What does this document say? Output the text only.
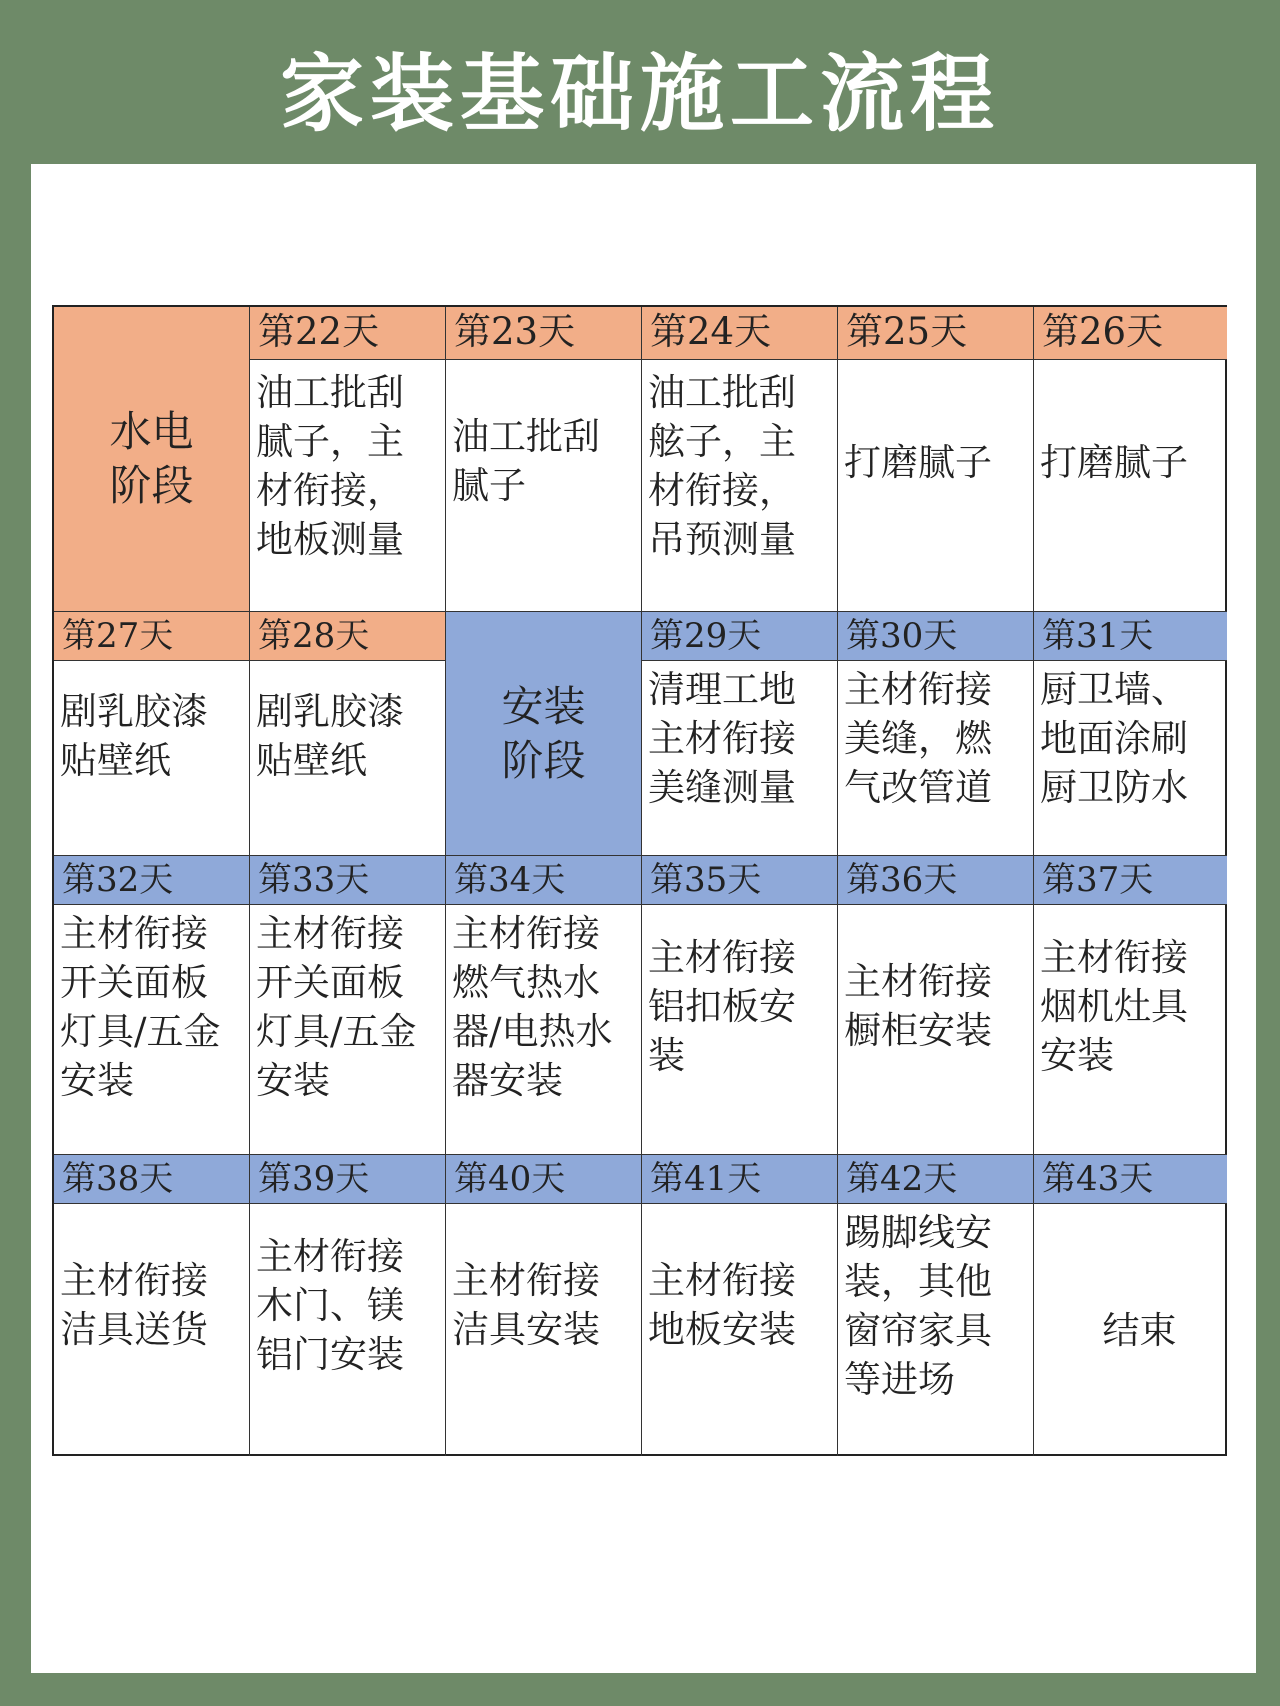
家装基础施工流程
水电
阶段
第22天
油工批刮
腻子，主
材衔接，
地板测量
第23天
油工批刮
腻子
第24天
油工批刮
舷子，主
材衔接，
吊预测量
第25天
打磨腻子
第26天
打磨腻子
第27天
剧乳胶漆
贴壁纸
第28天
剧乳胶漆
贴壁纸
安装
阶段
第29天
清理工地
主材衔接
美缝测量
第30天
主材衔接
美缝，燃
气改管道
第31天
厨卫墙、
地面涂刷
厨卫防水
第32天
主材衔接
开关面板
灯具/五金
安装
第33天
主材衔接
开关面板
灯具/五金
安装
第34天
主材衔接
燃气热水
器/电热水
器安装
第35天
主材衔接
铝扣板安
装
第36天
主材衔接
橱柜安装
第37天
主材衔接
烟机灶具
安装
第38天
主材衔接
洁具送货
第39天
主材衔接
木门、镁
铝门安装
第40天
主材衔接
洁具安装
第41天
主材衔接
地板安装
第42天
踢脚线安
装，其他
窗帘家具
等进场
第43天
结束
